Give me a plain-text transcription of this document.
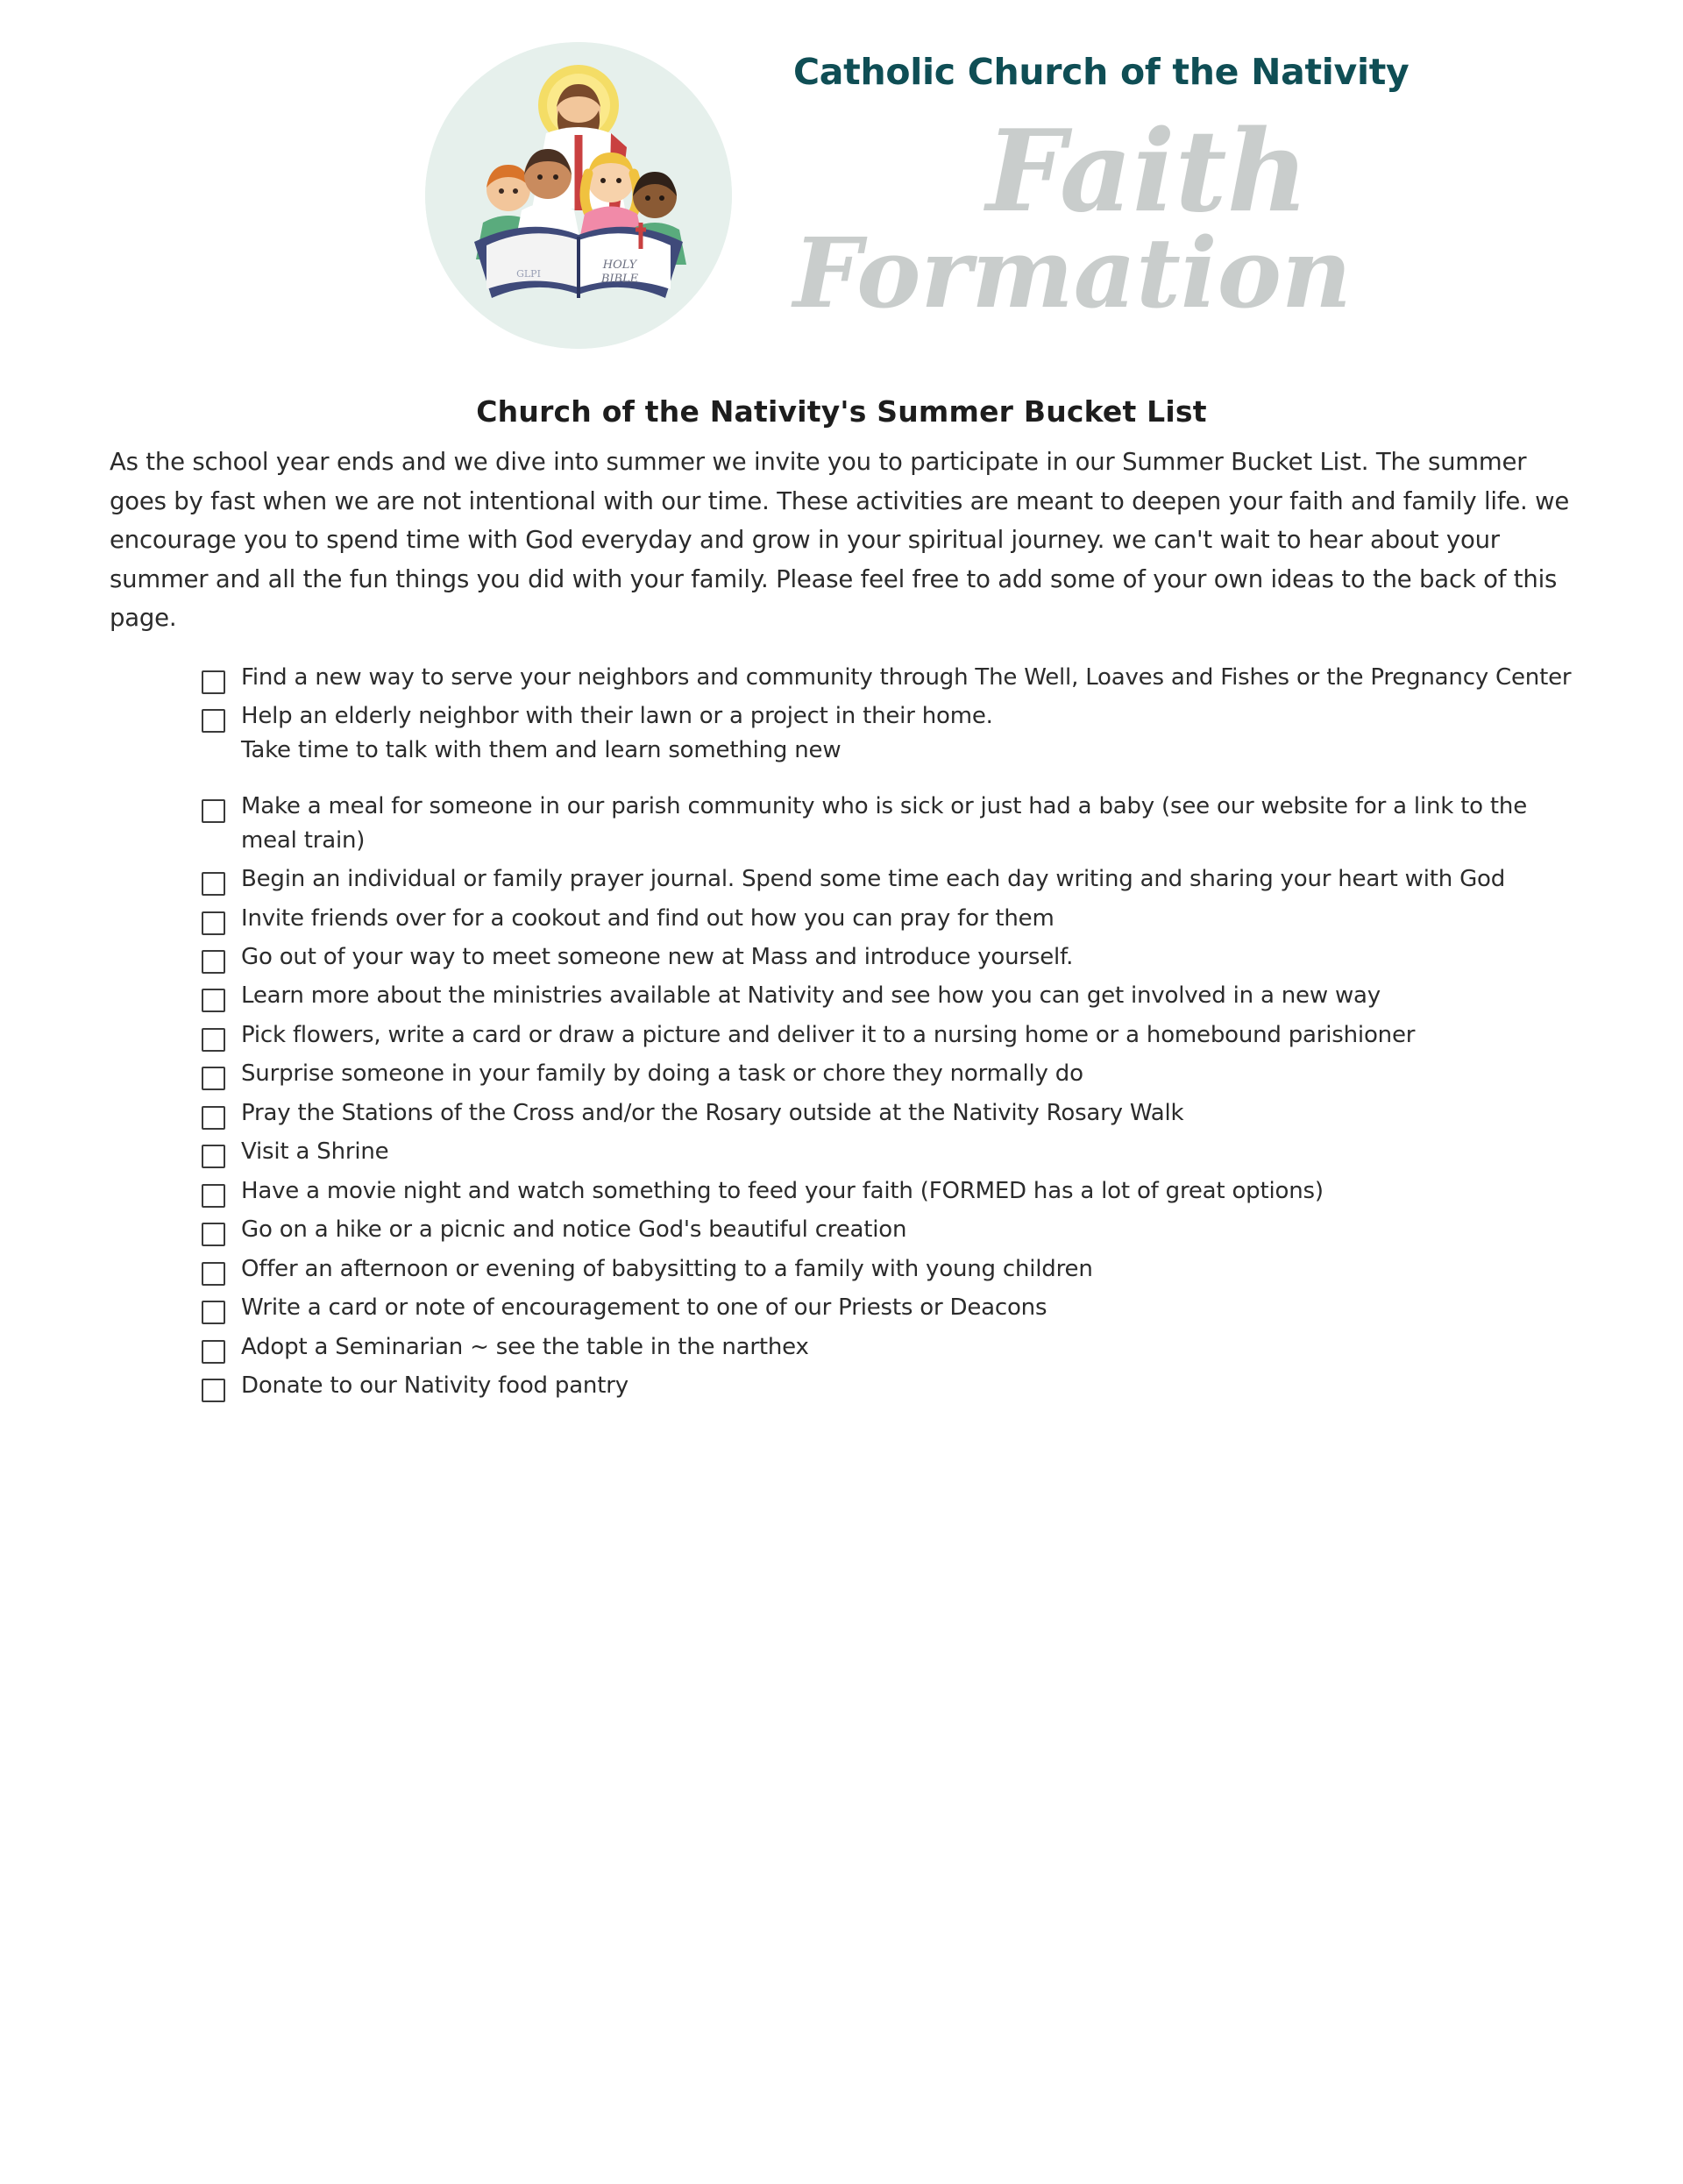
GLPI
HOLY
BIBLE
Catholic Church of the Nativity
Faith
Formation
Church of the Nativity's Summer Bucket List

As the school year ends and we dive into summer we invite you to participate in our Summer Bucket List. The summer goes by fast when we are not intentional with our time. These activities are meant to deepen your faith and family life. we encourage you to spend time with God everyday and grow in your spiritual journey. we can't wait to hear about your summer and all the fun things you did with your family. Please feel free to add some of your own ideas to the back of this page.

Find a new way to serve your neighbors and community through The Well, Loaves and Fishes or the Pregnancy Center
Help an elderly neighbor with their lawn or a project in their home.
Take time to talk with them and learn something new
Make a meal for someone in our parish community who is sick or just had a baby (see our website for a link to the meal train)
Begin an individual or family prayer journal. Spend some time each day writing and sharing your heart with God
Invite friends over for a cookout and find out how you can pray for them
Go out of your way to meet someone new at Mass and introduce yourself.
Learn more about the ministries available at Nativity and see how you can get involved in a new way
Pick flowers, write a card or draw a picture and deliver it to a nursing home or a homebound parishioner
Surprise someone in your family by doing a task or chore they normally do
Pray the Stations of the Cross and/or the Rosary outside at the Nativity Rosary Walk
Visit a Shrine
Have a movie night and watch something to feed your faith (FORMED has a lot of great options)
Go on a hike or a picnic and notice God's beautiful creation
Offer an afternoon or evening of babysitting to a family with young children
Write a card or note of encouragement to one of our Priests or Deacons
Adopt a Seminarian ~ see the table in the narthex
Donate to our Nativity food pantry
